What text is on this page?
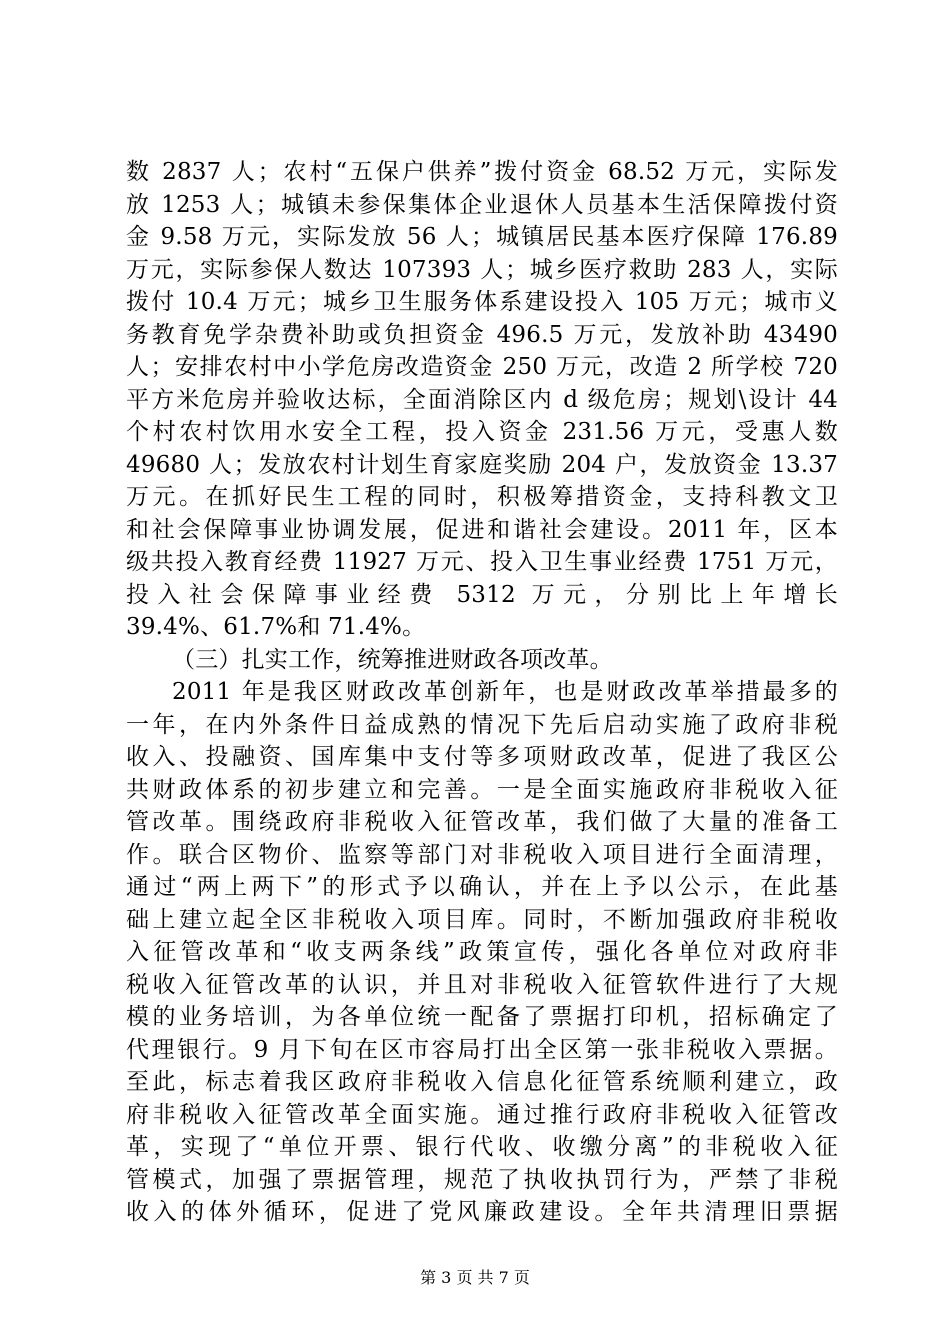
数 2837 人；农村“五保户供养”拨付资金 68.52 万元，实际发
放 1253 人；城镇未参保集体企业退休人员基本生活保障拨付资
金 9.58 万元，实际发放 56 人；城镇居民基本医疗保障 176.89
万元，实际参保人数达 107393 人；城乡医疗救助 283 人，实际
拨付 10.4 万元；城乡卫生服务体系建设投入 105 万元；城市义
务教育免学杂费补助或负担资金 496.5 万元，发放补助 43490
人；安排农村中小学危房改造资金 250 万元，改造 2 所学校 720
平方米危房并验收达标，全面消除区内 d 级危房；规划\设计 44
个村农村饮用水安全工程，投入资金 231.56 万元，受惠人数
49680 人；发放农村计划生育家庭奖励 204 户，发放资金 13.37
万元。在抓好民生工程的同时，积极筹措资金，支持科教文卫
和社会保障事业协调发展，促进和谐社会建设。2011 年，区本
级共投入教育经费 11927 万元、投入卫生事业经费 1751 万元，
投入社会保障事业经费 5312 万元，分别比上年增长
39.4%、61.7%和 71.4%。
（三）扎实工作，统筹推进财政各项改革。
2011 年是我区财政改革创新年，也是财政改革举措最多的
一年，在内外条件日益成熟的情况下先后启动实施了政府非税
收入、投融资、国库集中支付等多项财政改革，促进了我区公
共财政体系的初步建立和完善。一是全面实施政府非税收入征
管改革。围绕政府非税收入征管改革，我们做了大量的准备工
作。联合区物价、监察等部门对非税收入项目进行全面清理，
通过“两上两下”的形式予以确认，并在上予以公示，在此基
础上建立起全区非税收入项目库。同时，不断加强政府非税收
入征管改革和“收支两条线”政策宣传，强化各单位对政府非
税收入征管改革的认识，并且对非税收入征管软件进行了大规
模的业务培训，为各单位统一配备了票据打印机，招标确定了
代理银行。9 月下旬在区市容局打出全区第一张非税收入票据。
至此，标志着我区政府非税收入信息化征管系统顺利建立，政
府非税收入征管改革全面实施。通过推行政府非税收入征管改
革，实现了“单位开票、银行代收、收缴分离”的非税收入征
管模式，加强了票据管理，规范了执收执罚行为，严禁了非税
收入的体外循环，促进了党风廉政建设。全年共清理旧票据
第 3 页 共 7 页
